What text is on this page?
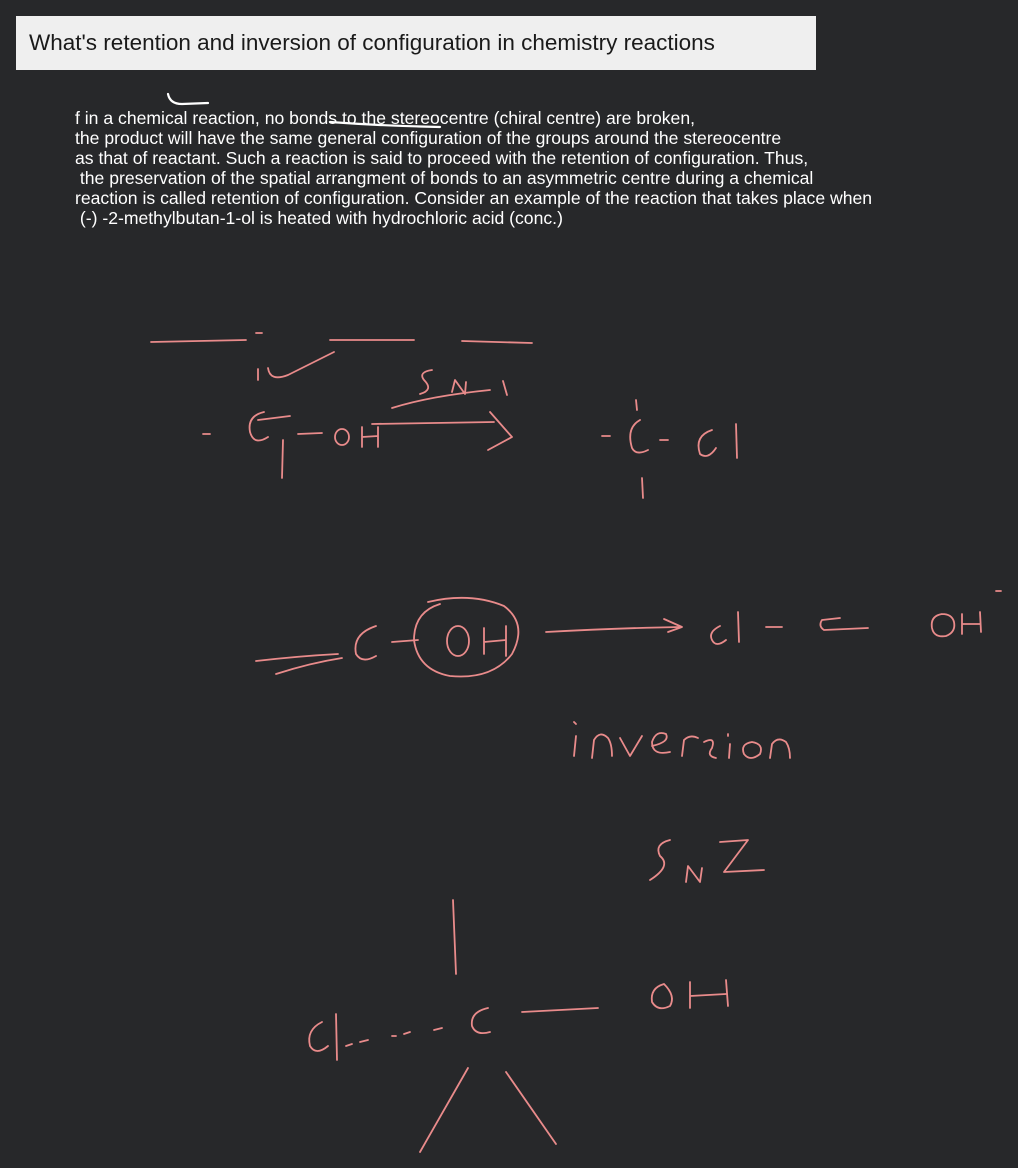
What's retention and inversion of configuration in chemistry reactions
f in a chemical reaction, no bonds to the stereocentre (chiral centre) are broken,
the product will have the same general configuration of the groups around the stereocentre
as that of reactant. Such a reaction is said to proceed with the retention of configuration. Thus,
the preservation of the spatial arrangment of bonds to an asymmetric centre during a chemical
reaction is called retention of configuration. Consider an example of the reaction that takes place when
(-) -2-methylbutan-1-ol is heated with hydrochloric acid (conc.)
